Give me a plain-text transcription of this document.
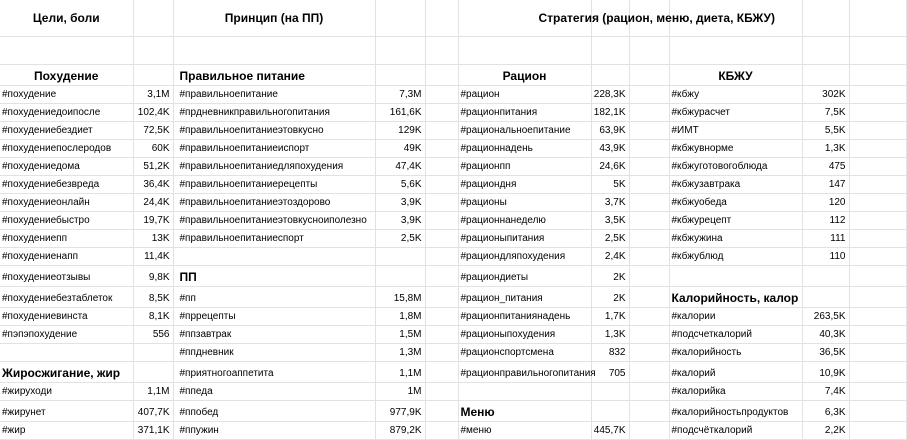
Цели, боли		Принцип (на ПП)			Стратегия (рацион, меню, диета, КБЖУ)					

Похудение		Правильное питание			Рацион			КБЖУ		
#похудение	3,1M	#правильноепитание	7,3M		#рацион	228,3K		#кбжу	302K	
#похудениедоипосле	102,4K	#пpдневникправильногопитания	161,6K		#рационпитания	182,1K		#кбжурасчет	7,5K	
#похудениебездиет	72,5K	#правильноепитаниеэтовкусно	129K		#рациональноепитание	63,9K		#ИМТ	5,5K	
#похудениепослеродов	60K	#правильноепитаниеиспорт	49K		#рационнадень	43,9K		#кбжувнорме	1,3K	
#похудениедома	51,2K	#правильноепитаниедляпохудения	47,4K		#рационпп	24,6K		#кбжуготовогоблюда	475	
#похудениебезвреда	36,4K	#правильноепитаниерецепты	5,6K		#рациондня	5K		#кбжузавтрака	147	
#похудениеонлайн	24,4K	#правильноепитаниеэтоздорово	3,9K		#рационы	3,7K		#кбжуобеда	120	
#похудениебыстро	19,7K	#правильноепитаниеэтовкусноиполезно	3,9K		#рационнанеделю	3,5K		#кбжурецепт	112	
#похудениепп	13K	#правильноепитаниеспорт	2,5K		#рационыпитания	2,5K		#кбжужина	111	
#похудениенапп	11,4K				#рациондляпохудения	2,4K		#кбжублюд	110	
#похудениеотзывы	9,8K	ПП			#рациондиеты	2K				
#похудениебезтаблеток	8,5K	#пп	15,8M		#рацион_питания	2K		Калорийность, калор		
#похудениевинста	8,1K	#пррецепты	1,8M		#рационпитаниянадень	1,7K		#калории	263,5K	
#пэпэпохудение	556	#ппзавтрак	1,5M		#рационыпохудения	1,3K		#подсчеткалорий	40,3K	
		#ппдневник	1,3M		#рационспортсмена	832		#калорийность	36,5K	
Жиросжигание, жир		#приятногоаппетита	1,1M		#рационправильногопитания	705		#калорий	10,9K	
#жируходи	1,1M	#ппеда	1M					#калорийка	7,4K	
#жирунет	407,7K	#ппобед	977,9K		Меню			#калорийностьпродуктов	6,3K	
#жир	371,1K	#ппужин	879,2K		#меню	445,7K		#подсчёткалорий	2,2K	
